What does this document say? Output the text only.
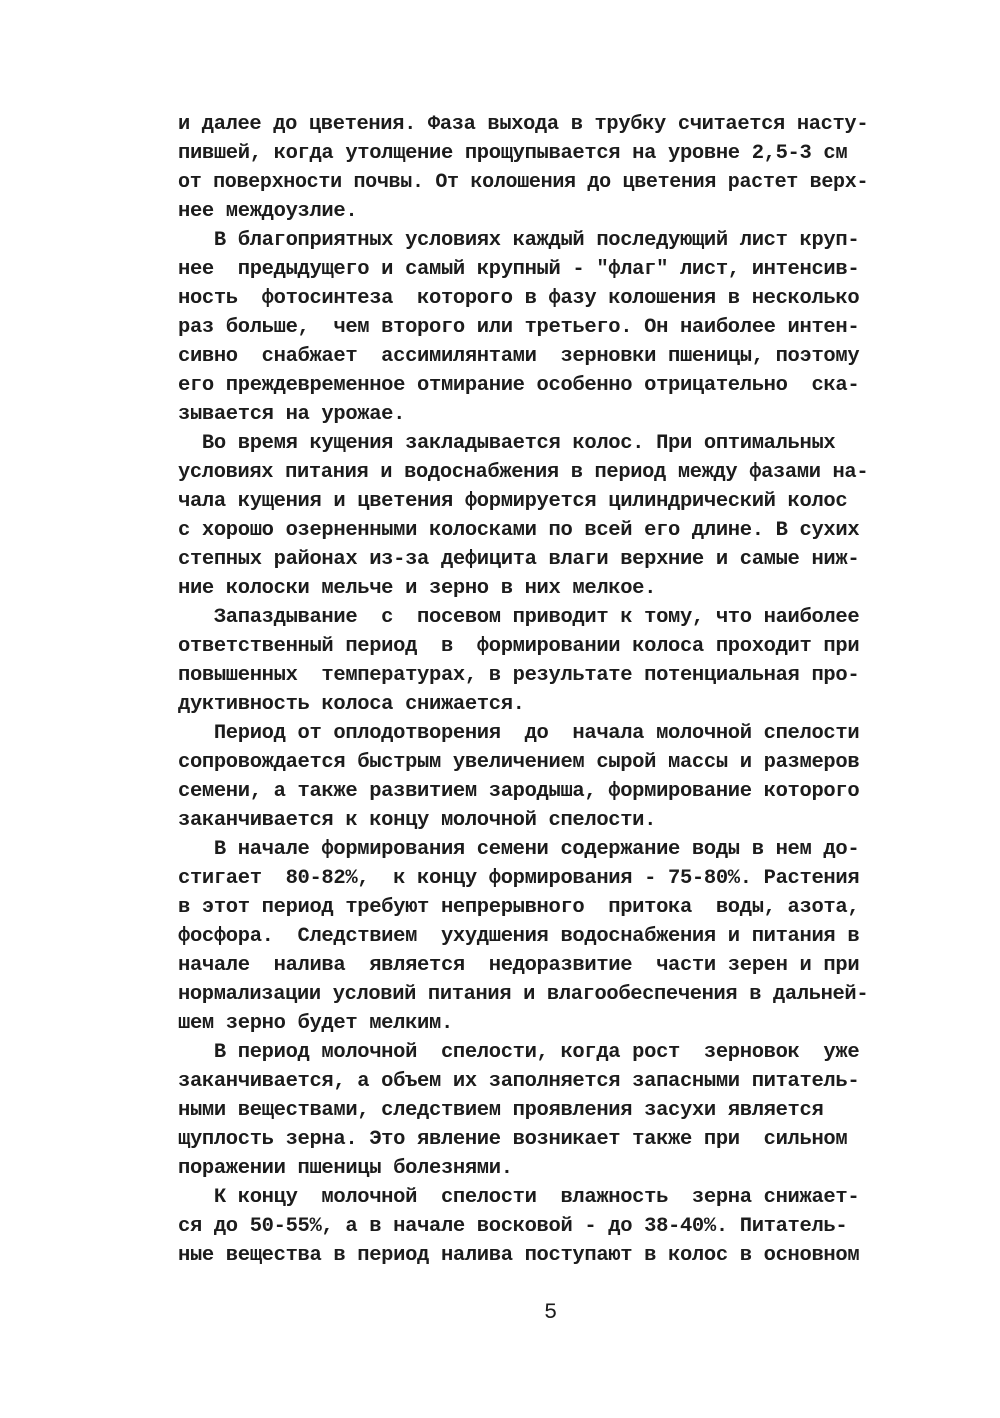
и далее до цветения. Фаза выхода в трубку считается насту-
пившей, когда утолщение прощупывается на уровне 2,5-3 см
от поверхности почвы. От колошения до цветения растет верх-
нее междоузлие.
В благоприятных условиях каждый последующий лист круп-
нее  предыдущего и самый крупный - "флаг" лист, интенсив-
ность  фотосинтеза  которого в фазу колошения в несколько
раз больше,  чем второго или третьего. Он наиболее интен-
сивно  снабжает  ассимилянтами  зерновки пшеницы, поэтому
его преждевременное отмирание особенно отрицательно  ска-
зывается на урожае.
Во время кущения закладывается колос. При оптимальных
условиях питания и водоснабжения в период между фазами на-
чала кущения и цветения формируется цилиндрический колос
с хорошо озерненными колосками по всей его длине. В сухих
степных районах из-за дефицита влаги верхние и самые ниж-
ние колоски мельче и зерно в них мелкое.
Запаздывание  с  посевом приводит к тому, что наиболее
ответственный период  в  формировании колоса проходит при
повышенных  температурах, в результате потенциальная про-
дуктивность колоса снижается.
Период от оплодотворения  до  начала молочной спелости
сопровождается быстрым увеличением сырой массы и размеров
семени, а также развитием зародыша, формирование которого
заканчивается к концу молочной спелости.
В начале формирования семени содержание воды в нем до-
стигает  80-82%,  к концу формирования - 75-80%. Растения
в этот период требуют непрерывного  притока  воды, азота,
фосфора.  Следствием  ухудшения водоснабжения и питания в
начале  налива  является  недоразвитие  части зерен и при
нормализации условий питания и влагообеспечения в дальней-
шем зерно будет мелким.
В период молочной  спелости, когда рост  зерновок  уже
заканчивается, а объем их заполняется запасными питатель-
ными веществами, следствием проявления засухи является
щуплость зерна. Это явление возникает также при  сильном
поражении пшеницы болезнями.
К концу  молочной  спелости  влажность  зерна снижает-
ся до 50-55%, а в начале восковой - до 38-40%. Питатель-
ные вещества в период налива поступают в колос в основном
5
